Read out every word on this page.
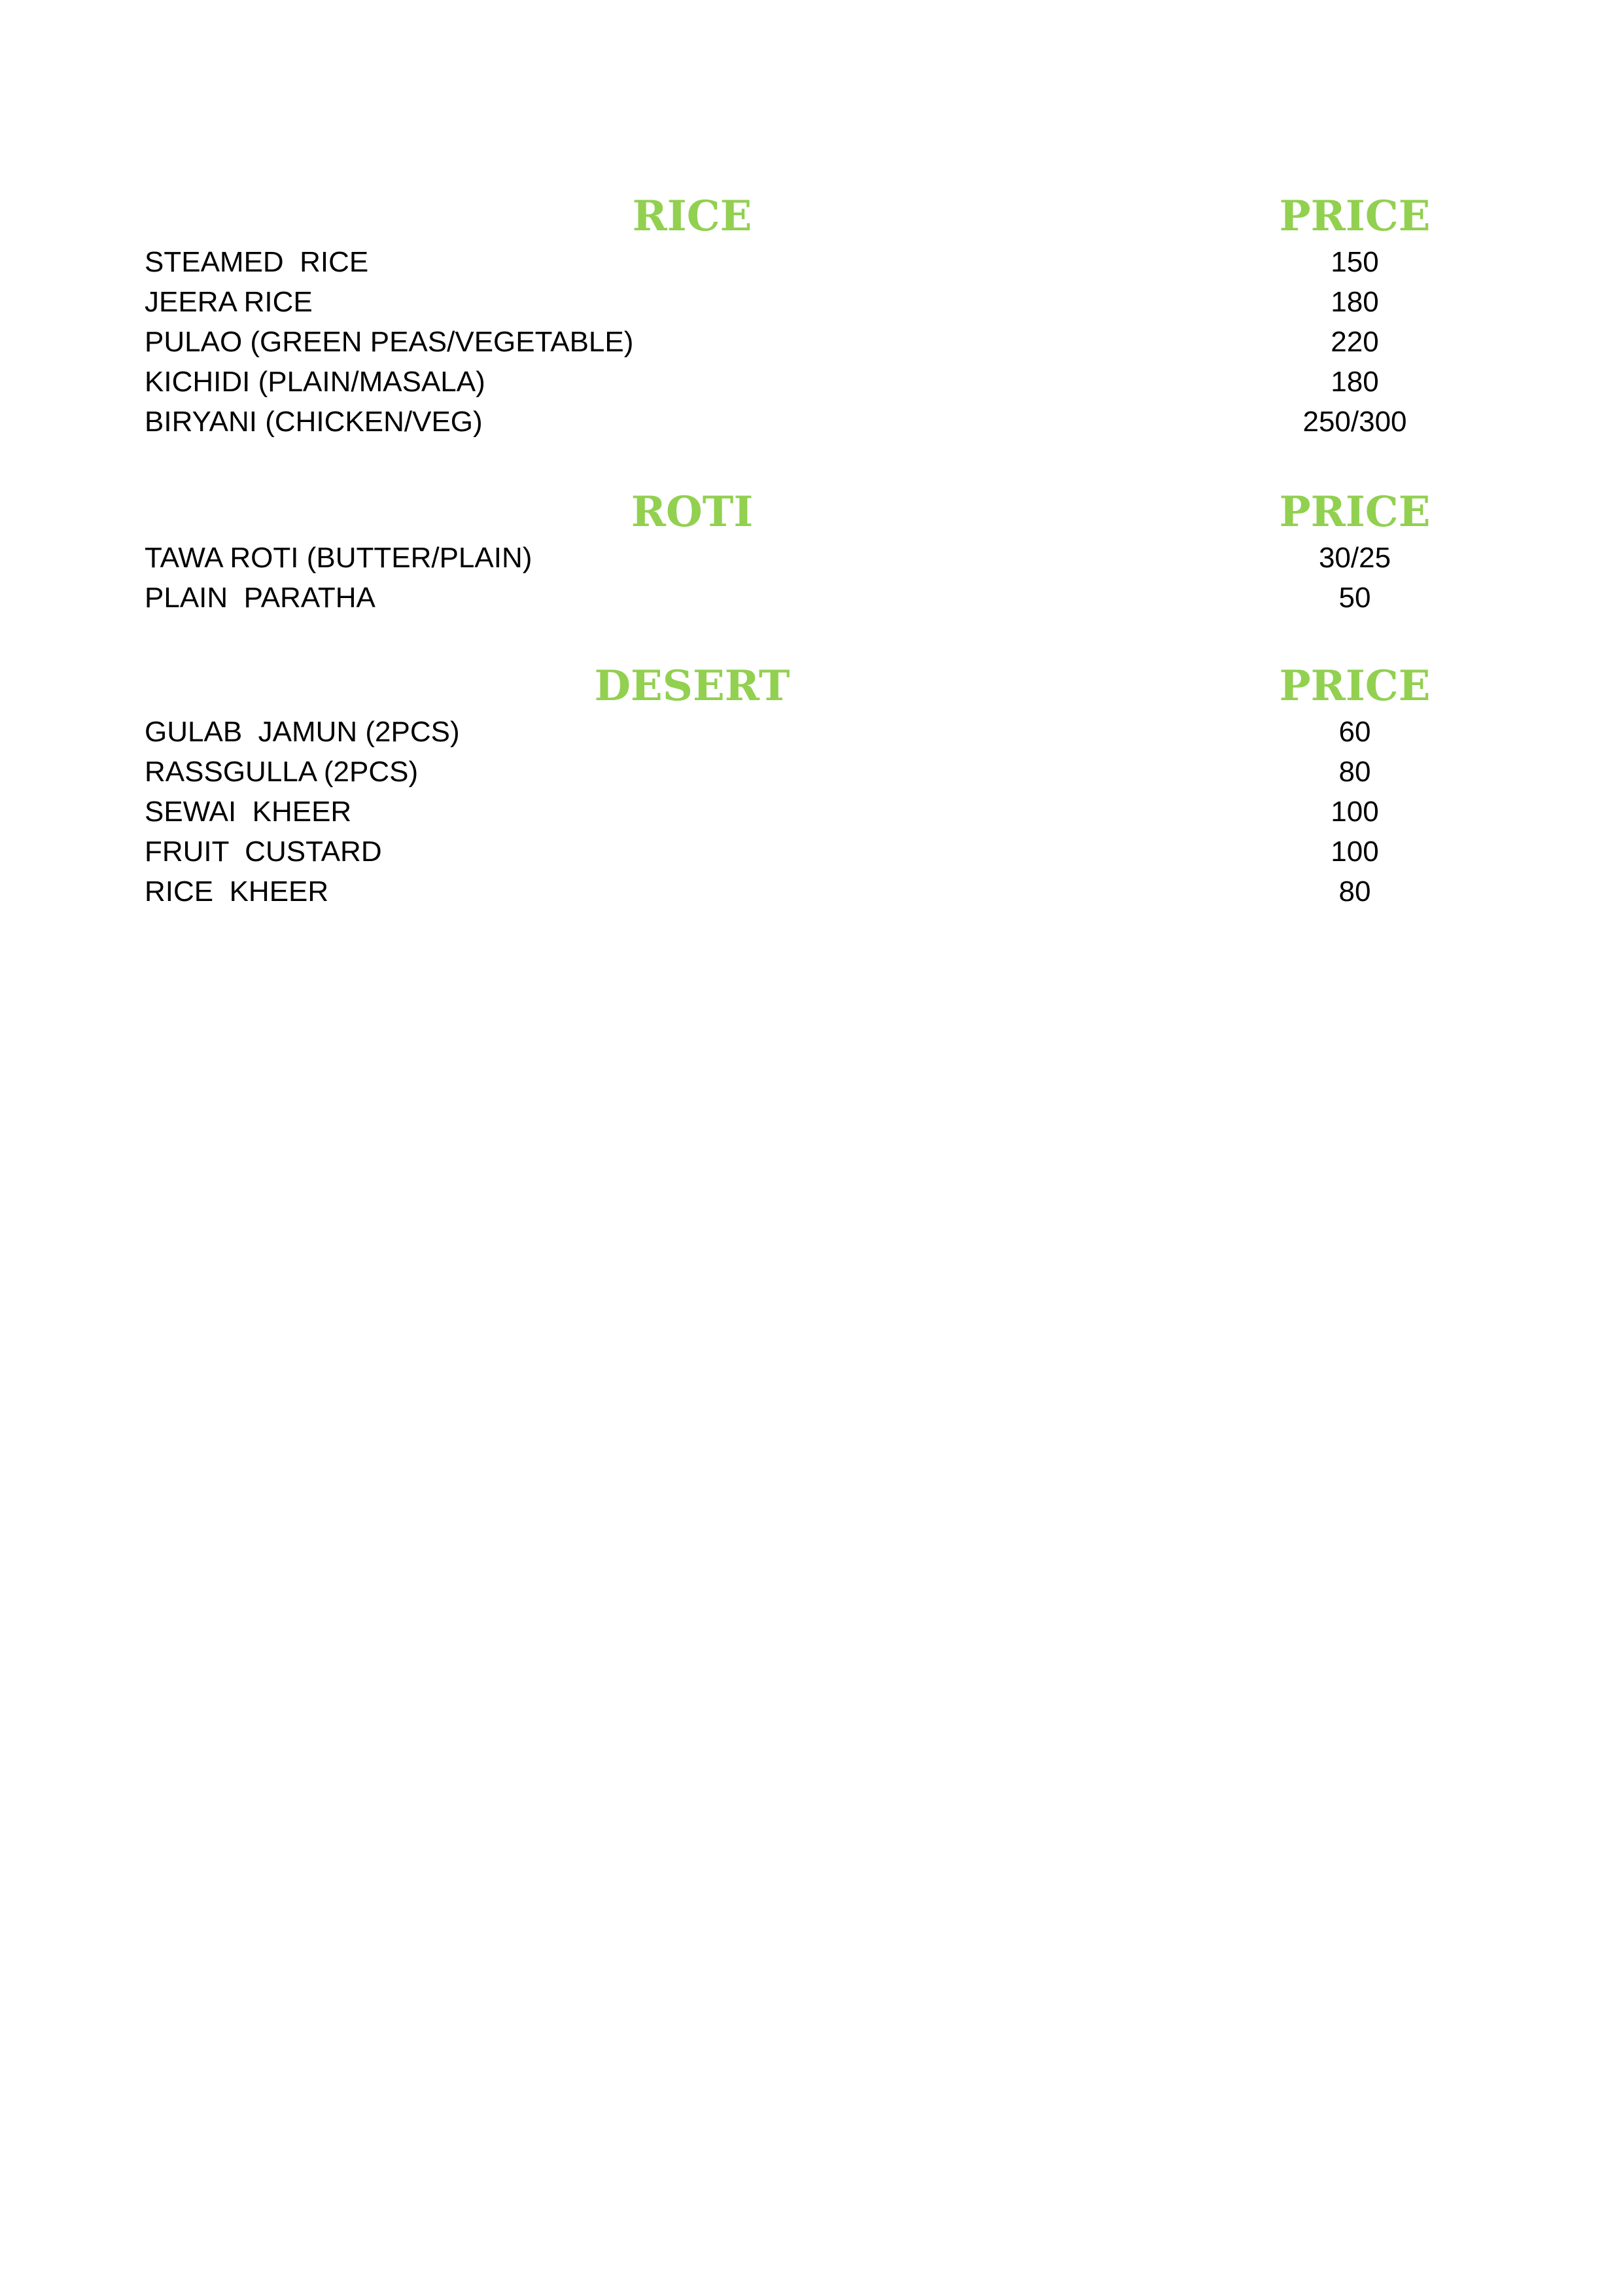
RICE	PRICE
STEAMED  RICE	150
JEERA RICE	180
PULAO (GREEN PEAS/VEGETABLE)	220
KICHIDI (PLAIN/MASALA)	180
BIRYANI (CHICKEN/VEG)	250/300
ROTI	PRICE
TAWA ROTI (BUTTER/PLAIN)	30/25
PLAIN  PARATHA	50
DESERT	PRICE
GULAB  JAMUN (2PCS)	60
RASSGULLA (2PCS)	80
SEWAI  KHEER	100
FRUIT  CUSTARD	100
RICE  KHEER	80
